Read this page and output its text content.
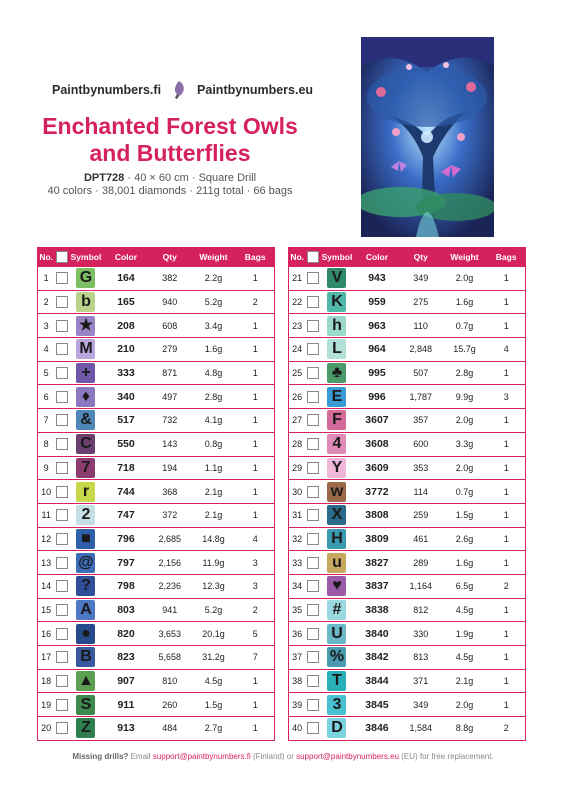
Paintbynumbers.fi	Paintbynumbers.eu
Enchanted Forest Owls and Butterflies
DPT728 · 40 × 60 cm · Square Drill
40 colors · 38,001 diamonds · 211g total · 66 bags
No.		Symbol	Color	Qty	Weight	Bags
1		G	164	382	2.2g	1
2		b	165	940	5.2g	2
3		★	208	608	3.4g	1
4		M	210	279	1.6g	1
5		+	333	871	4.8g	1
6		♦	340	497	2.8g	1
7		&	517	732	4.1g	1
8		C	550	143	0.8g	1
9		7	718	194	1.1g	1
10		r	744	368	2.1g	1
11		2	747	372	2.1g	1
12		■	796	2,685	14.8g	4
13		@	797	2,156	11.9g	3
14		?	798	2,236	12.3g	3
15		A	803	941	5.2g	2
16		●	820	3,653	20.1g	5
17		B	823	5,658	31.2g	7
18		▲	907	810	4.5g	1
19		S	911	260	1.5g	1
20		Z	913	484	2.7g	1
No.		Symbol	Color	Qty	Weight	Bags
21		V	943	349	2.0g	1
22		K	959	275	1.6g	1
23		h	963	110	0.7g	1
24		L	964	2,848	15.7g	4
25		♣	995	507	2.8g	1
26		E	996	1,787	9.9g	3
27		F	3607	357	2.0g	1
28		4	3608	600	3.3g	1
29		Y	3609	353	2.0g	1
30		w	3772	114	0.7g	1
31		X	3808	259	1.5g	1
32		H	3809	461	2.6g	1
33		u	3827	289	1.6g	1
34		♥	3837	1,164	6.5g	2
35		#	3838	812	4.5g	1
36		U	3840	330	1.9g	1
37		%	3842	813	4.5g	1
38		T	3844	371	2.1g	1
39		3	3845	349	2.0g	1
40		D	3846	1,584	8.8g	2
Missing drills? Email support@paintbynumbers.fi (Finland) or support@paintbynumbers.eu (EU) for free replacement.
